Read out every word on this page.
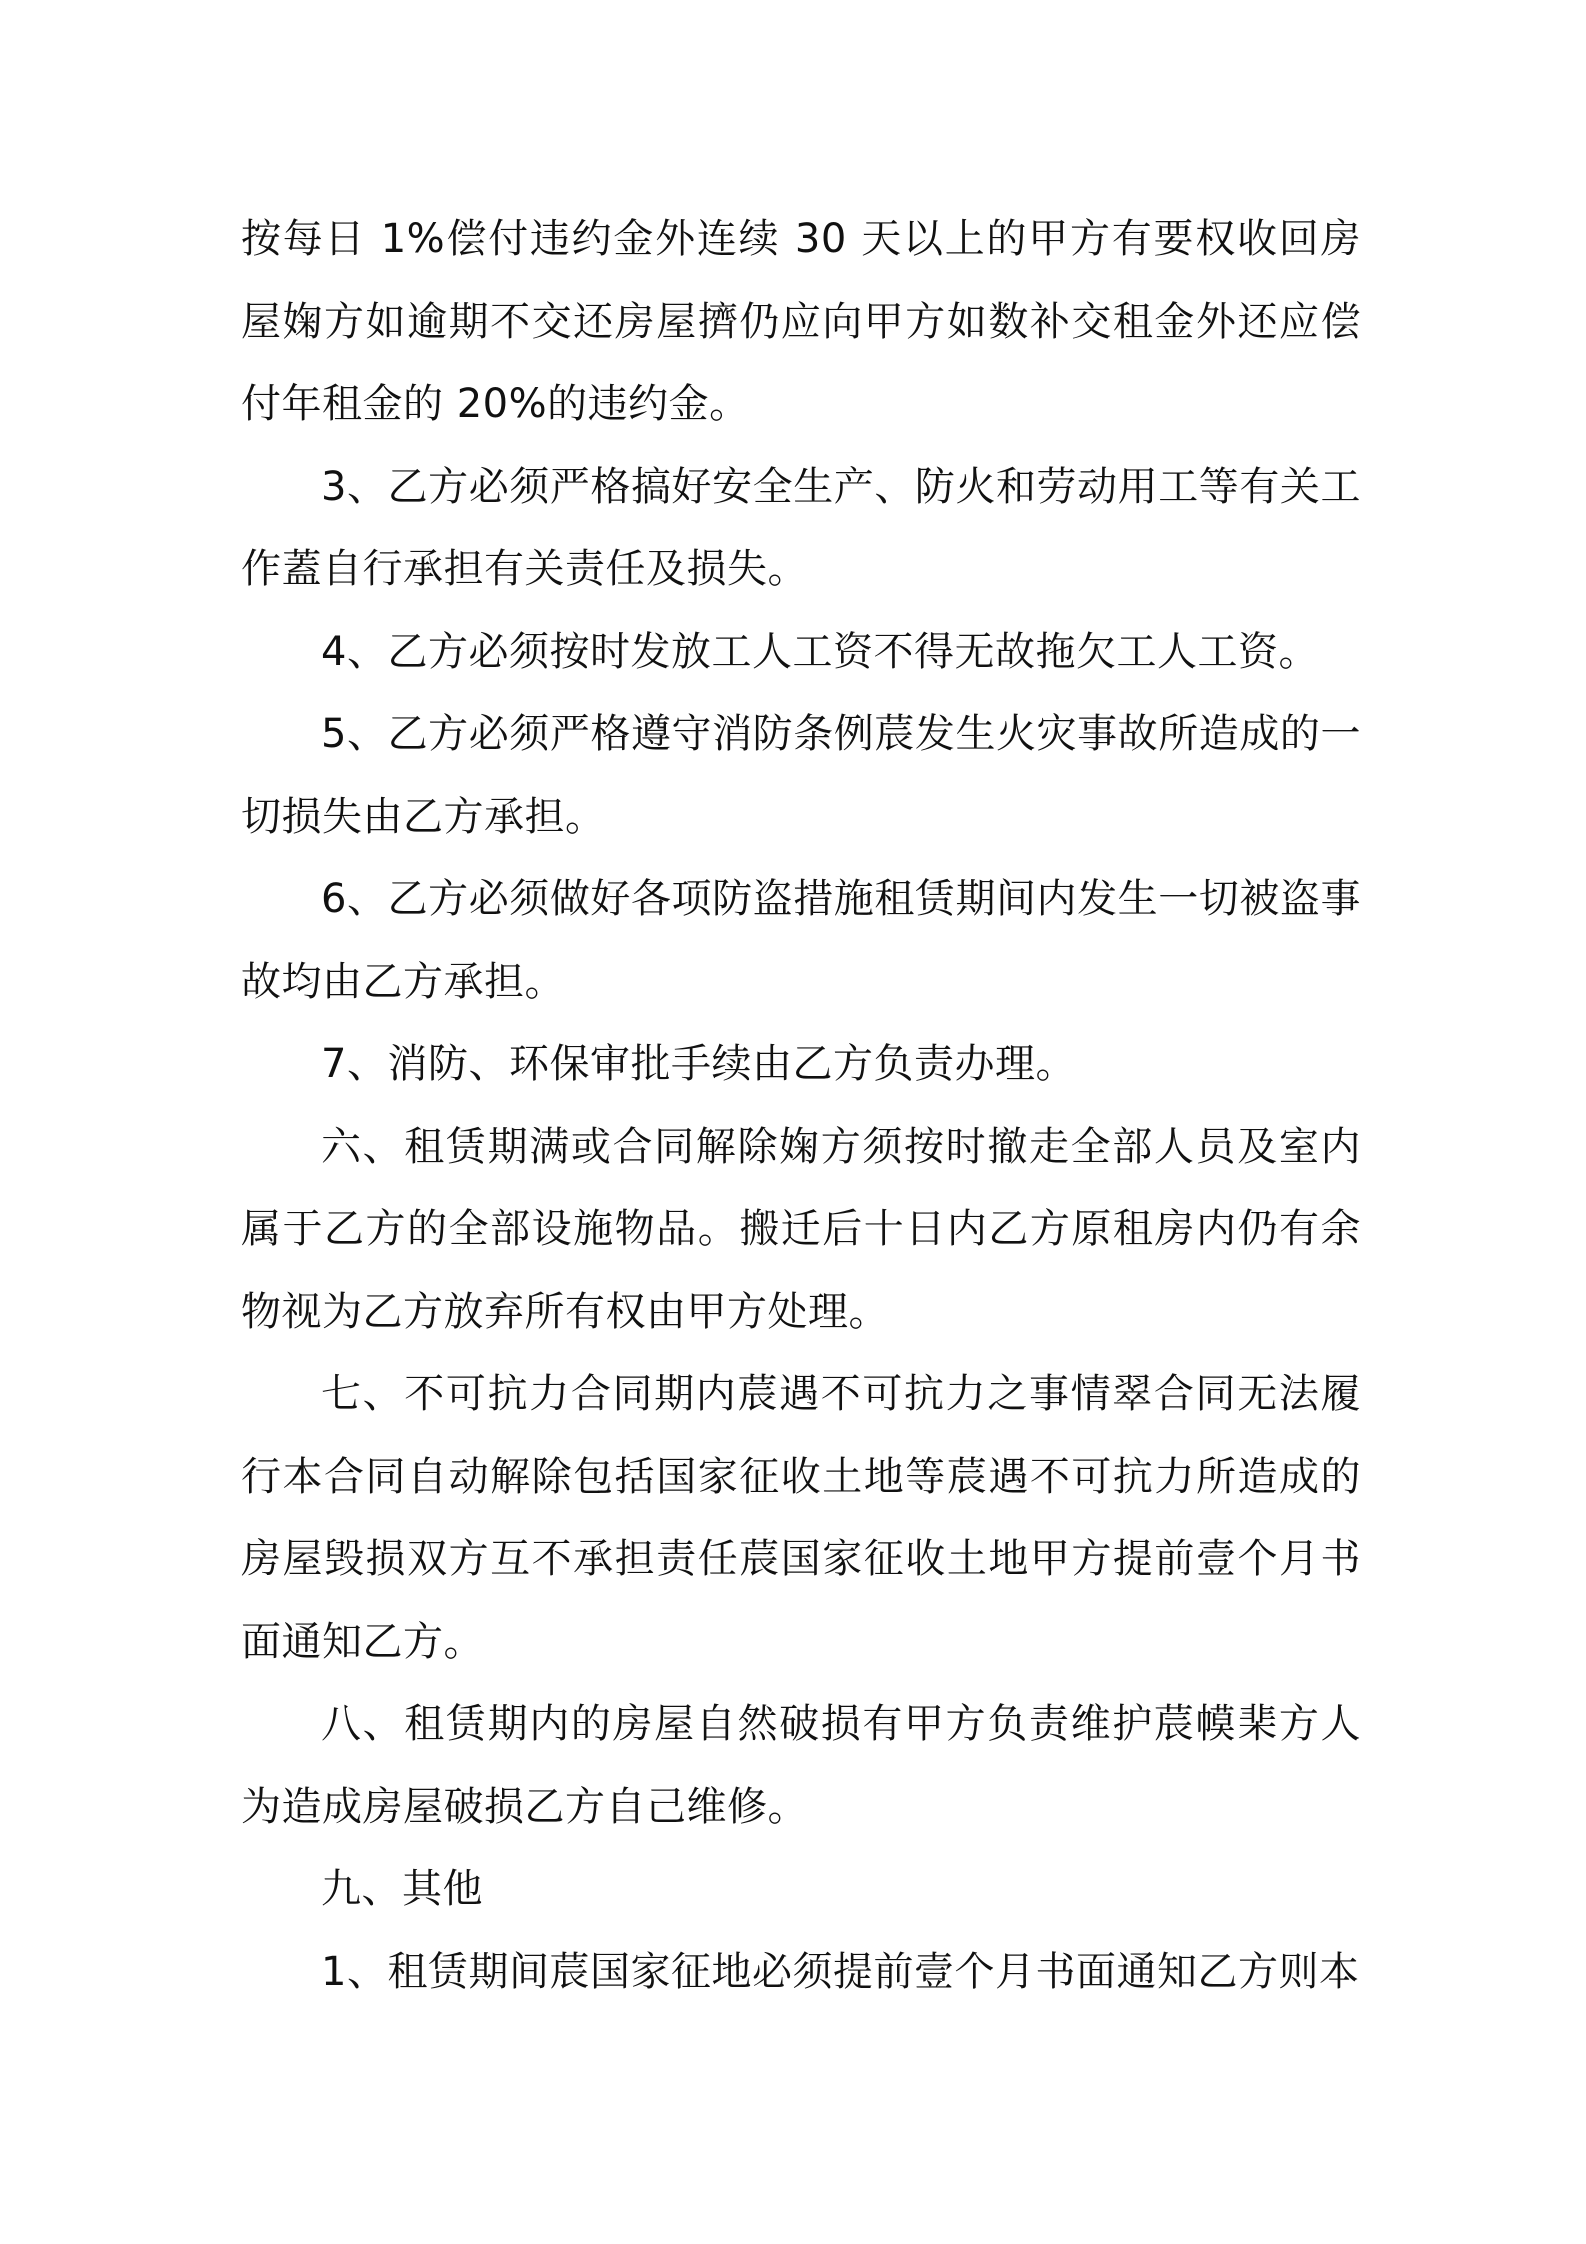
按每日 1%偿付违约金外连续 30 天以上的甲方有要权收回房屋婅方如逾期不交还房屋擠仍应向甲方如数补交租金外还应偿付年租金的 20%的违约金。

3、乙方必须严格搞好安全生产、防火和劳动用工等有关工作蓋自行承担有关责任及损失。

4、乙方必须按时发放工人工资不得无故拖欠工人工资。

5、乙方必须严格遵守消防条例莀发生火灾事故所造成的一切损失由乙方承担。

6、乙方必须做好各项防盗措施租赁期间内发生一切被盗事故均由乙方承担。

7、消防、环保审批手续由乙方负责办理。

六、租赁期满或合同解除婅方须按时撤走全部人员及室内属于乙方的全部设施物品。搬迁后十日内乙方原租房内仍有余物视为乙方放弃所有权由甲方处理。

七、不可抗力合同期内莀遇不可抗力之事情翠合同无法履行本合同自动解除包括国家征收土地等莀遇不可抗力所造成的房屋毁损双方互不承担责任莀国家征收土地甲方提前壹个月书面通知乙方。

八、租赁期内的房屋自然破损有甲方负责维护莀幙棐方人为造成房屋破损乙方自己维修。

九、其他

1、租赁期间莀国家征地必须提前壹个月书面通知乙方则本
